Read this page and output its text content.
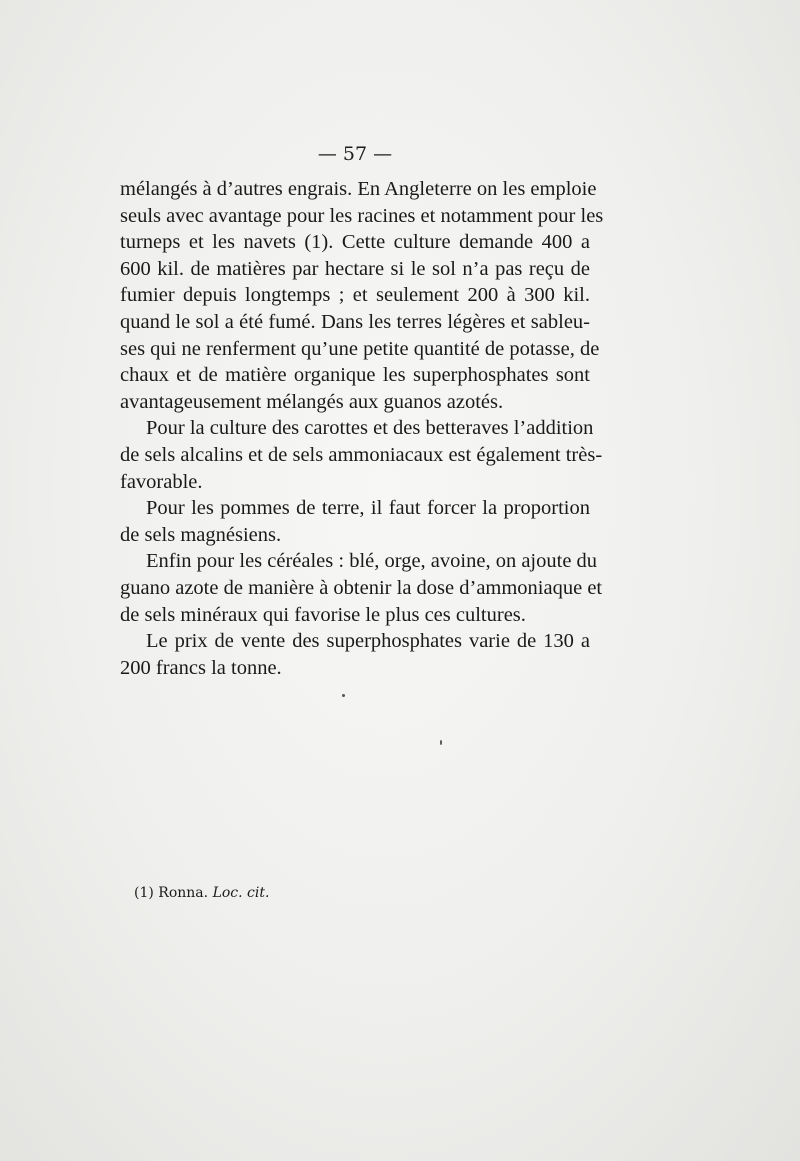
— 57 —
mélangés à d’autres engrais. En Angleterre on les emploie
seuls avec avantage pour les racines et notamment pour les
turneps et les navets (1). Cette culture demande 400 a
600 kil. de matières par hectare si le sol n’a pas reçu de
fumier depuis longtemps ; et seulement 200 à 300 kil.
quand le sol a été fumé. Dans les terres légères et sableu-
ses qui ne renferment qu’une petite quantité de potasse, de
chaux et de matière organique les superphosphates sont
avantageusement mélangés aux guanos azotés.
Pour la culture des carottes et des betteraves l’addition
de sels alcalins et de sels ammoniacaux est également très-
favorable.
Pour les pommes de terre, il faut forcer la proportion
de sels magnésiens.
Enfin pour les céréales : blé, orge, avoine, on ajoute du
guano azote de manière à obtenir la dose d’ammoniaque et
de sels minéraux qui favorise le plus ces cultures.
Le prix de vente des superphosphates varie de 130 a
200 francs la tonne.
(1) Ronna. Loc. cit.
